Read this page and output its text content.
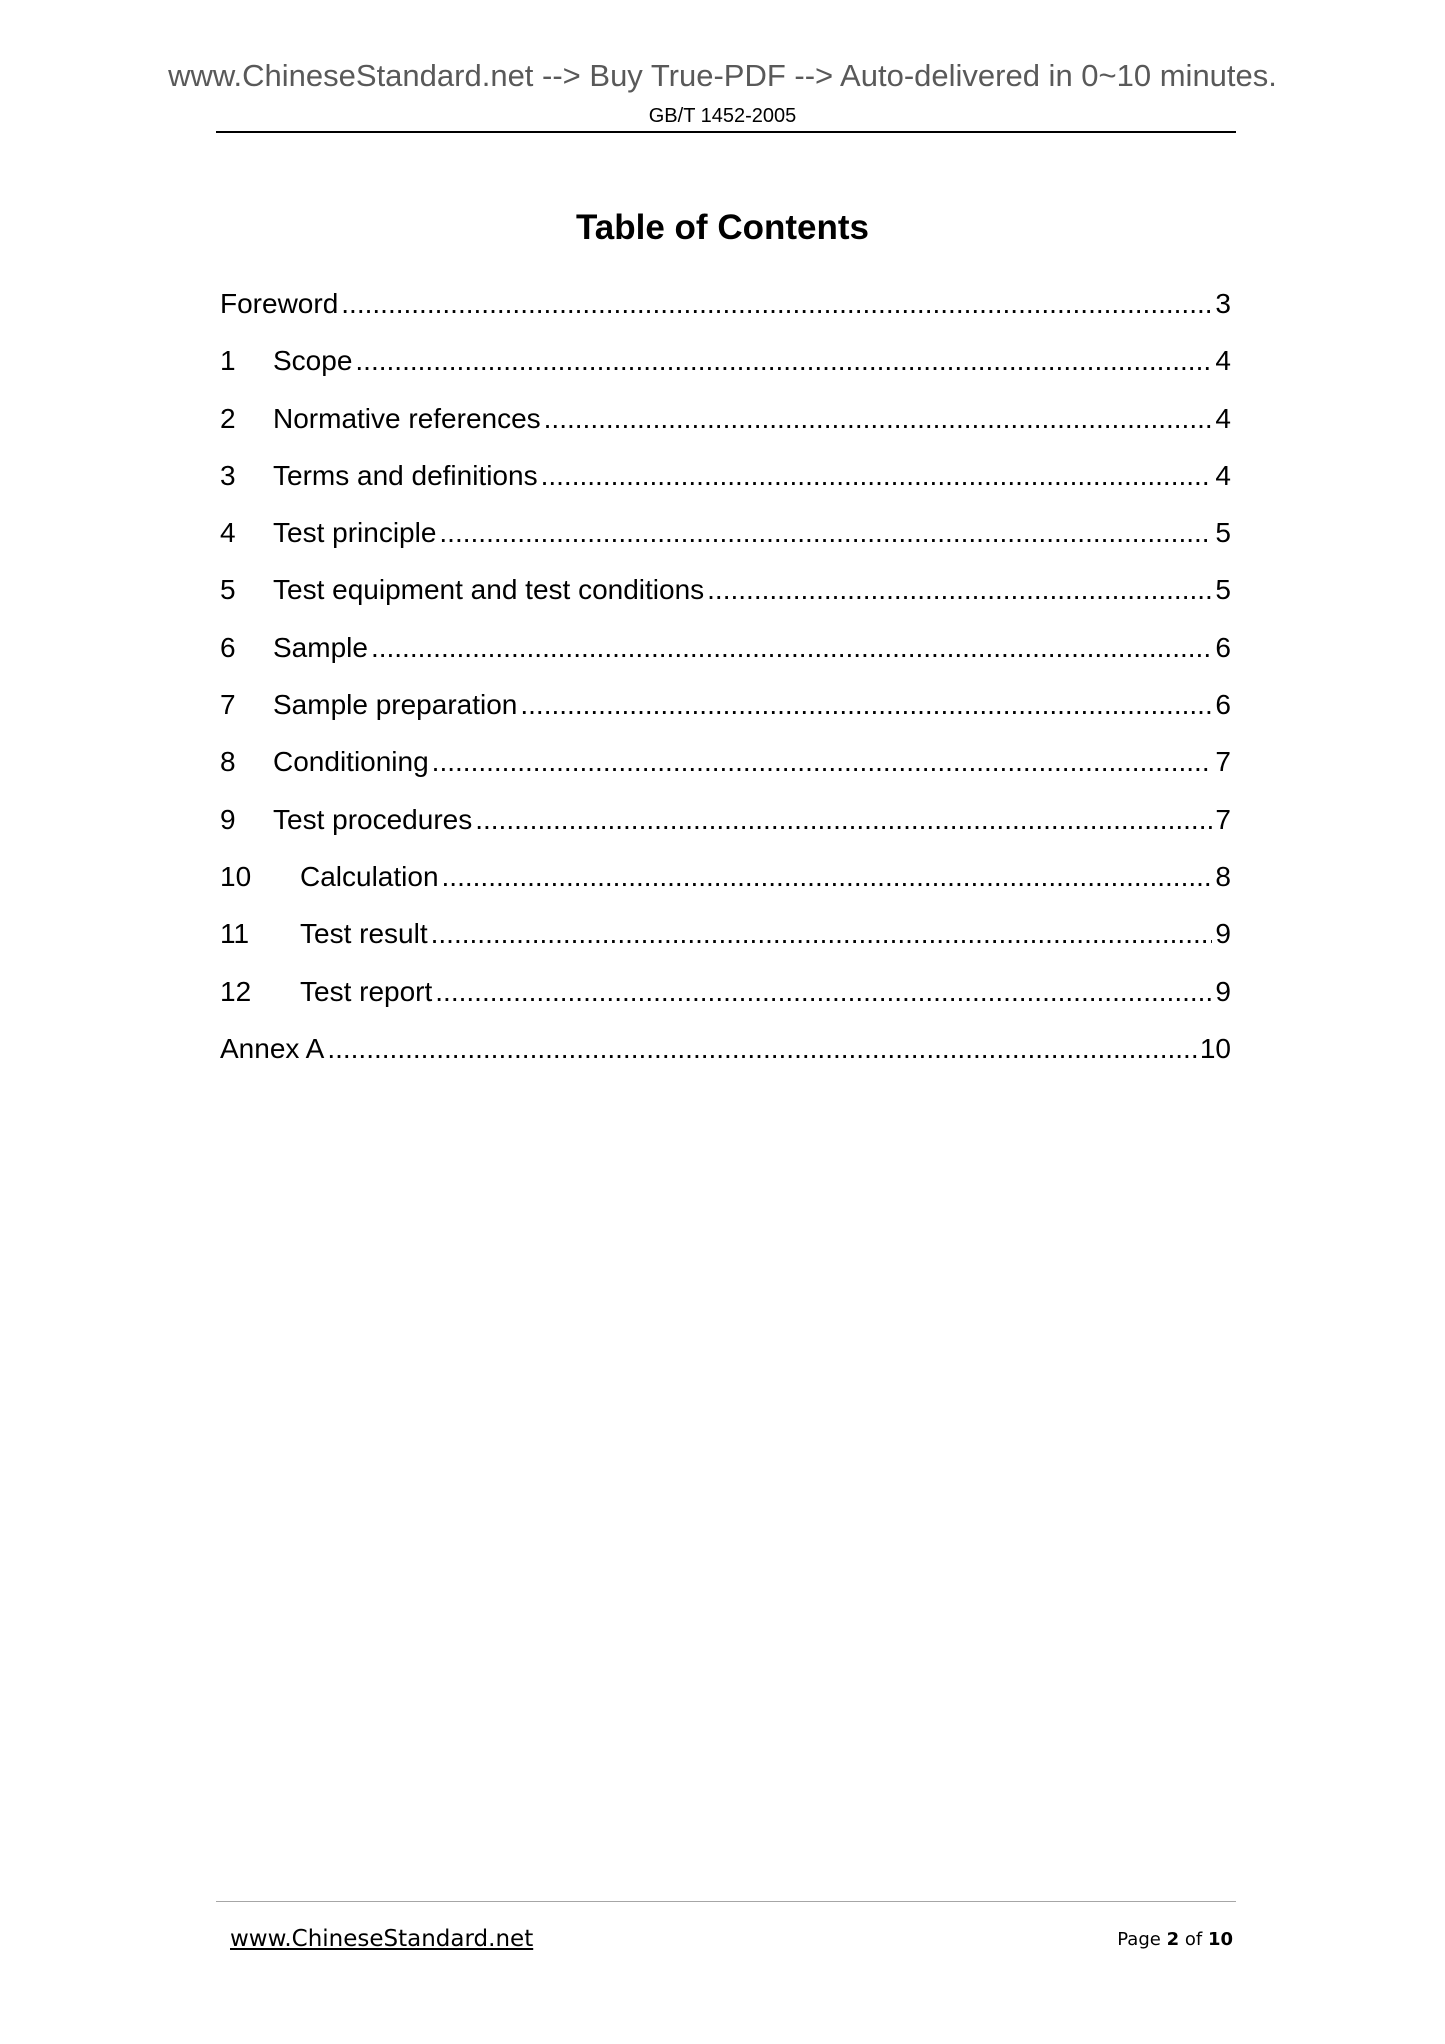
www.ChineseStandard.net --> Buy True-PDF --> Auto-delivered in 0~10 minutes.
GB/T 1452-2005
Table of Contents
Foreword .....	3
1	Scope .....	4
2	Normative references .....	4
3	Terms and definitions .....	4
4	Test principle .....	5
5	Test equipment and test conditions .....	5
6	Sample .....	6
7	Sample preparation .....	6
8	Conditioning .....	7
9	Test procedures .....	7
10	Calculation .....	8
11	Test result .....	9
12	Test report .....	9
Annex A .....	10
www.ChineseStandard.net	Page 2 of 10
